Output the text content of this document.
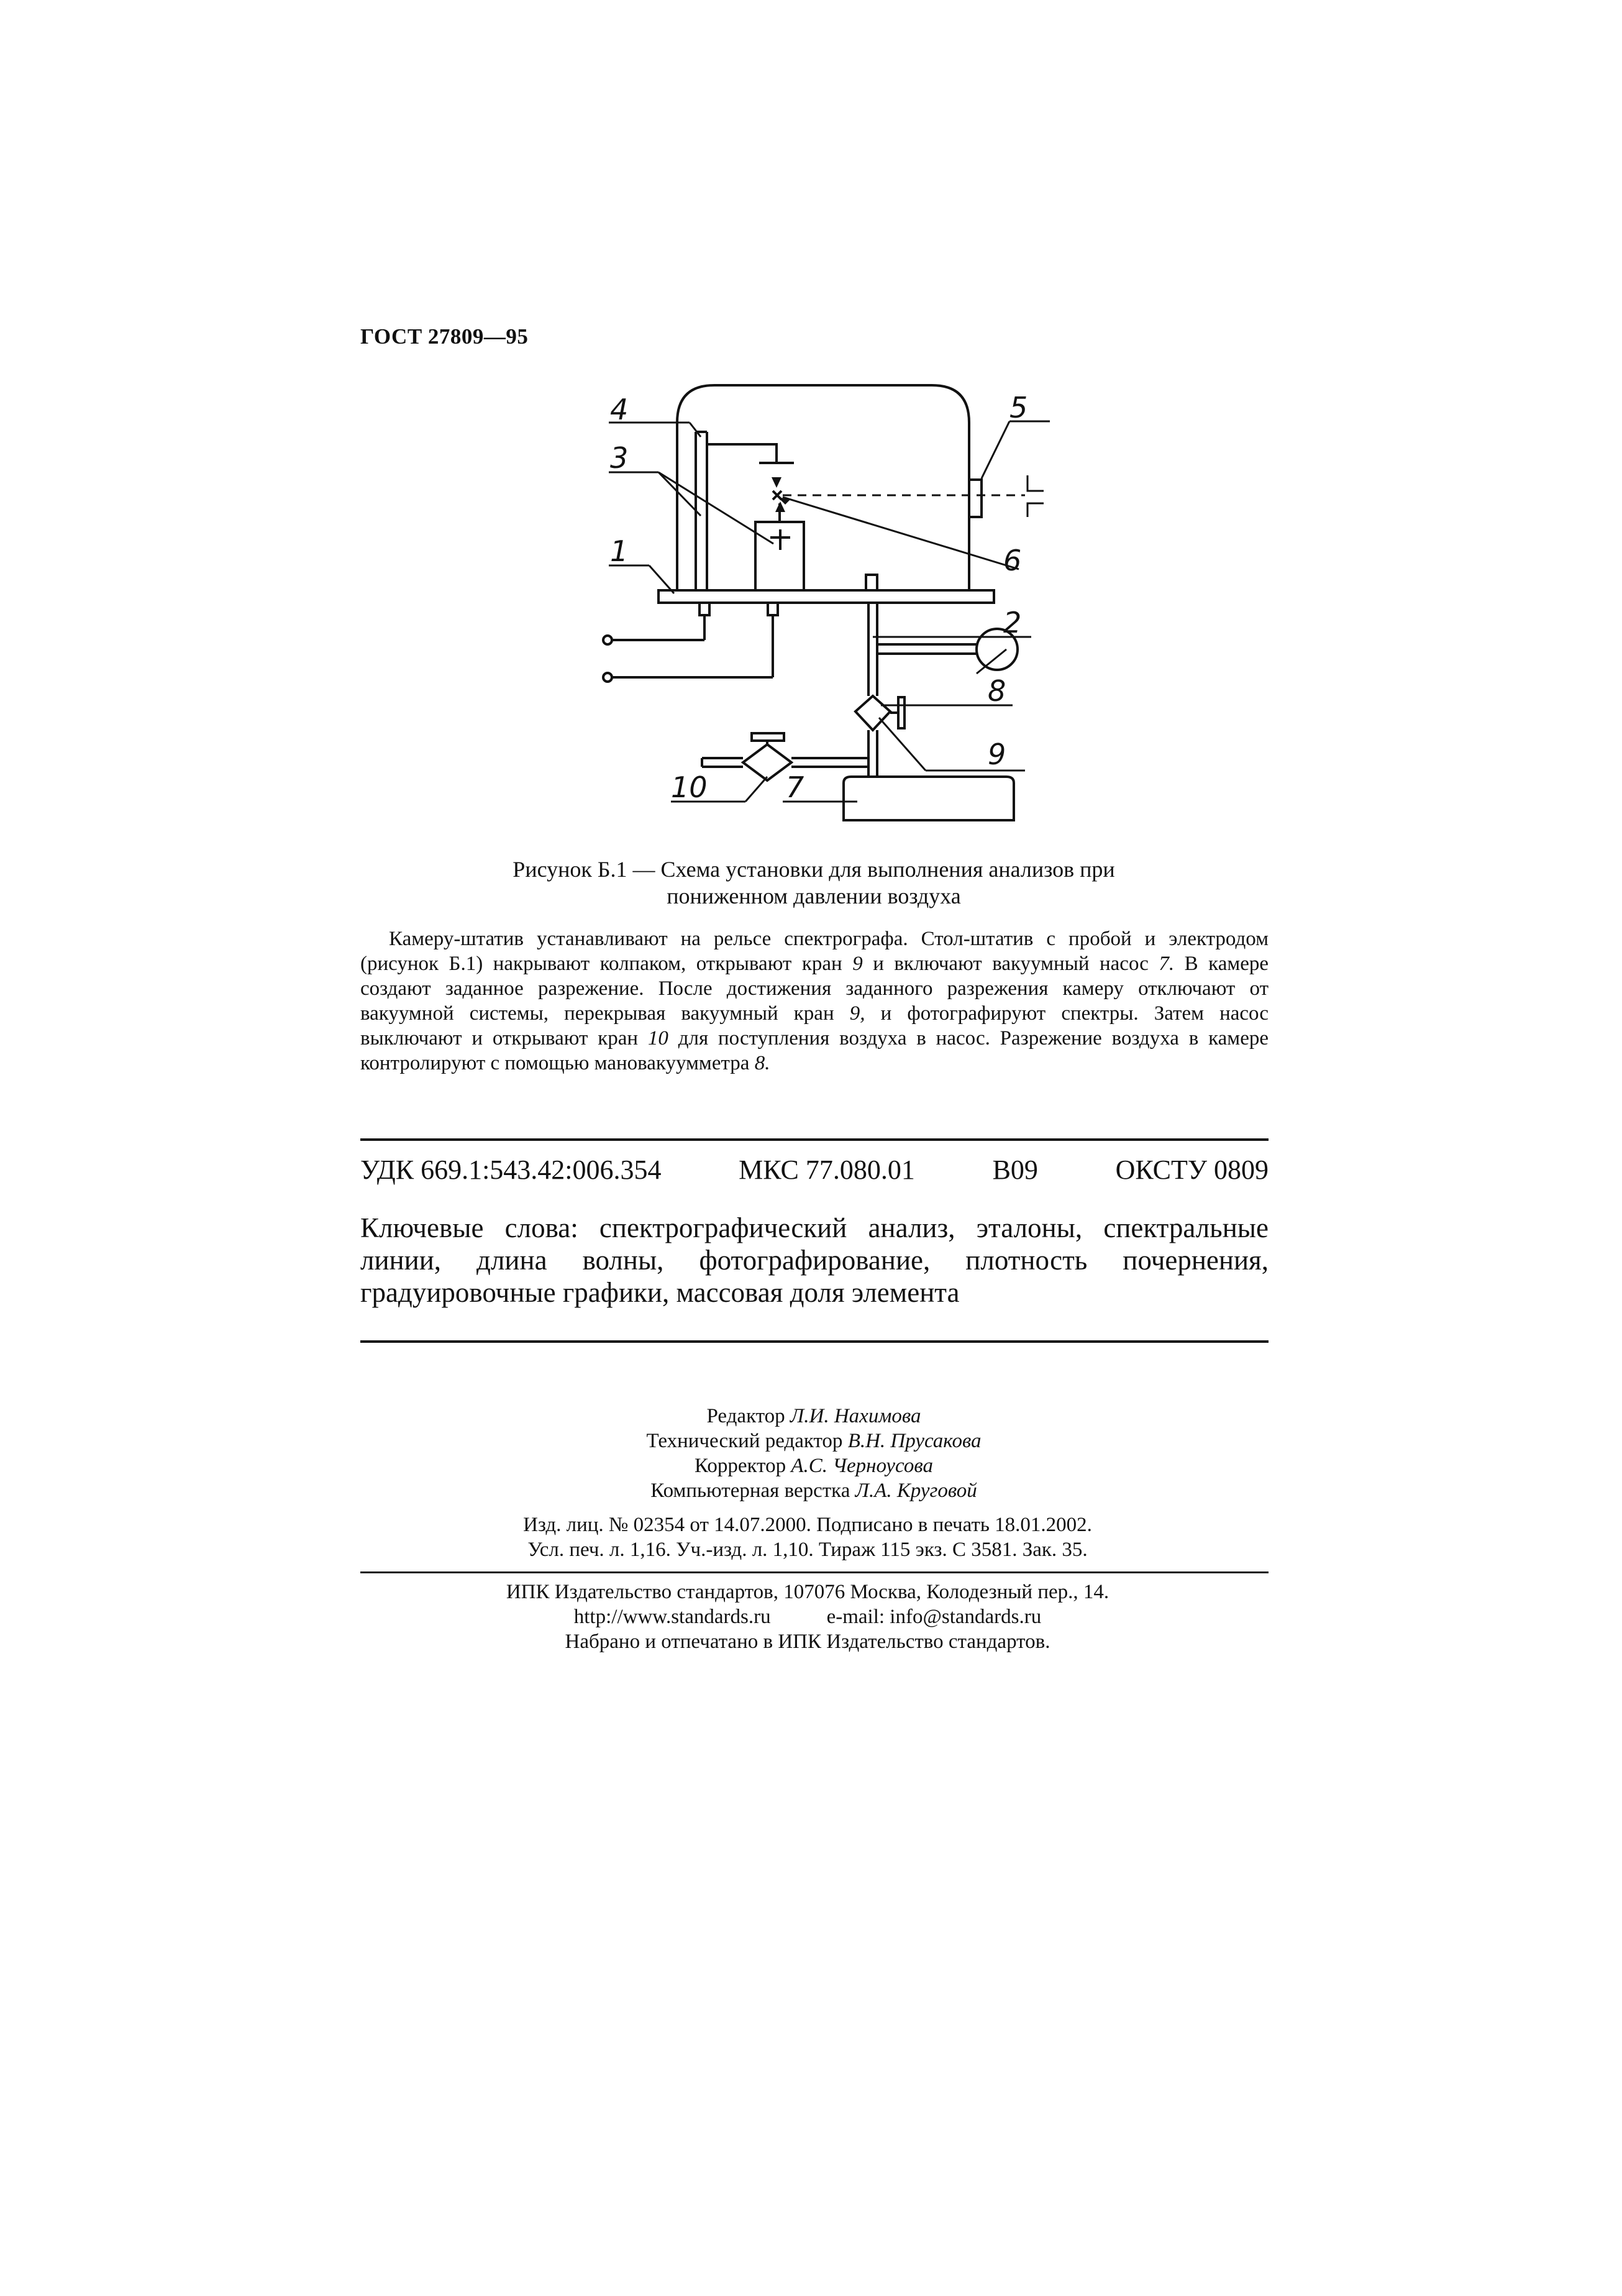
ГОСТ 27809—95
4
3
1
5
6
2
8
9
10	7
Рисунок Б.1 — Схема установки для выполнения анализов при
пониженном давлении воздуха
Камеру-штатив устанавливают на рельсе спектрографа. Стол-штатив с пробой и электродом (рисунок Б.1) накрывают колпаком, открывают кран 9 и включают вакуумный насос 7. В камере создают заданное разрежение. После достижения заданного разрежения камеру отключают от вакуумной системы, перекрывая вакуумный кран 9, и фотографируют спектры. Затем насос выключают и открывают кран 10 для поступления воздуха в насос. Разрежение воздуха в камере контролируют с помощью мановакуумметра 8.
УДК 669.1:543.42:006.354	МКС 77.080.01	В09	ОКСТУ 0809
Ключевые слова: спектрографический анализ, эталоны, спектральные линии, длина волны, фотографирование, плотность почернения, градуировочные графики, массовая доля элемента
Редактор Л.И. Нахимова
Технический редактор В.Н. Прусакова
Корректор А.С. Черноусова
Компьютерная верстка Л.А. Круговой
Изд. лиц. № 02354 от 14.07.2000. Подписано в печать 18.01.2002.
Усл. печ. л. 1,16. Уч.-изд. л. 1,10. Тираж 115 экз. С 3581. Зак. 35.
ИПК Издательство стандартов, 107076 Москва, Колодезный пер., 14.
http://www.standards.ru	e-mail: info@standards.ru
Набрано и отпечатано в ИПК Издательство стандартов.
